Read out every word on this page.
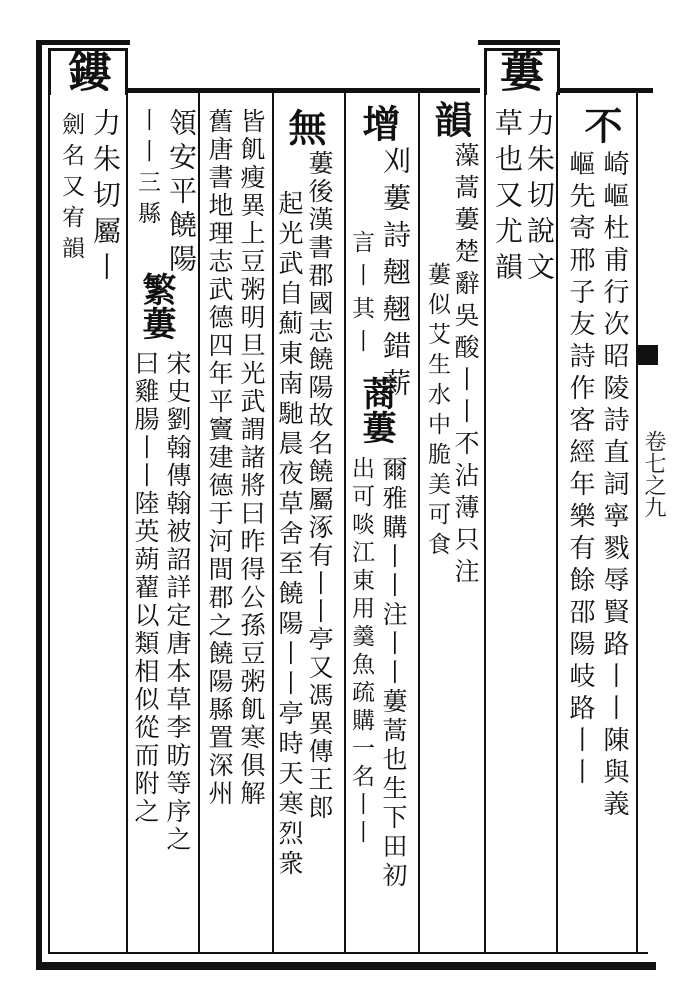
卷七之九
鏤	蔞
不
崎嶇杜甫行次昭陵詩直詞寧戮辱賢路丨丨陳與義
嶇先寄邢子友詩作客經年樂有餘邵陽岐路丨丨
力朱切說文
草也又尤韻
韻
藻蒿蔞楚辭吳酸丨丨不沾薄只注
蔞似艾生水中脆美可食
增
刈蔞詩翹翹錯薪
言丨其丨
蔏蔞
爾雅購丨丨注丨丨蔞蒿也生下田初
出可啖江東用羹魚疏購一名丨丨
無
蔞後漢書郡國志饒陽故名饒屬涿有丨丨亭又馮異傳王郎
起光武自薊東南馳晨夜草舍至饒陽丨丨亭時天寒烈衆
皆飢瘦異上豆粥明旦光武謂諸將曰昨得公孫豆粥飢寒俱解
舊唐書地理志武德四年平竇建德于河間郡之饒陽縣置深州
領安平饒陽
丨丨三縣
繁蔞
宋史劉翰傳翰被詔詳定唐本草李昉等序之
曰雞腸丨丨陸英蒴藋以類相似從而附之
力朱切屬丨
劍名又宥韻
